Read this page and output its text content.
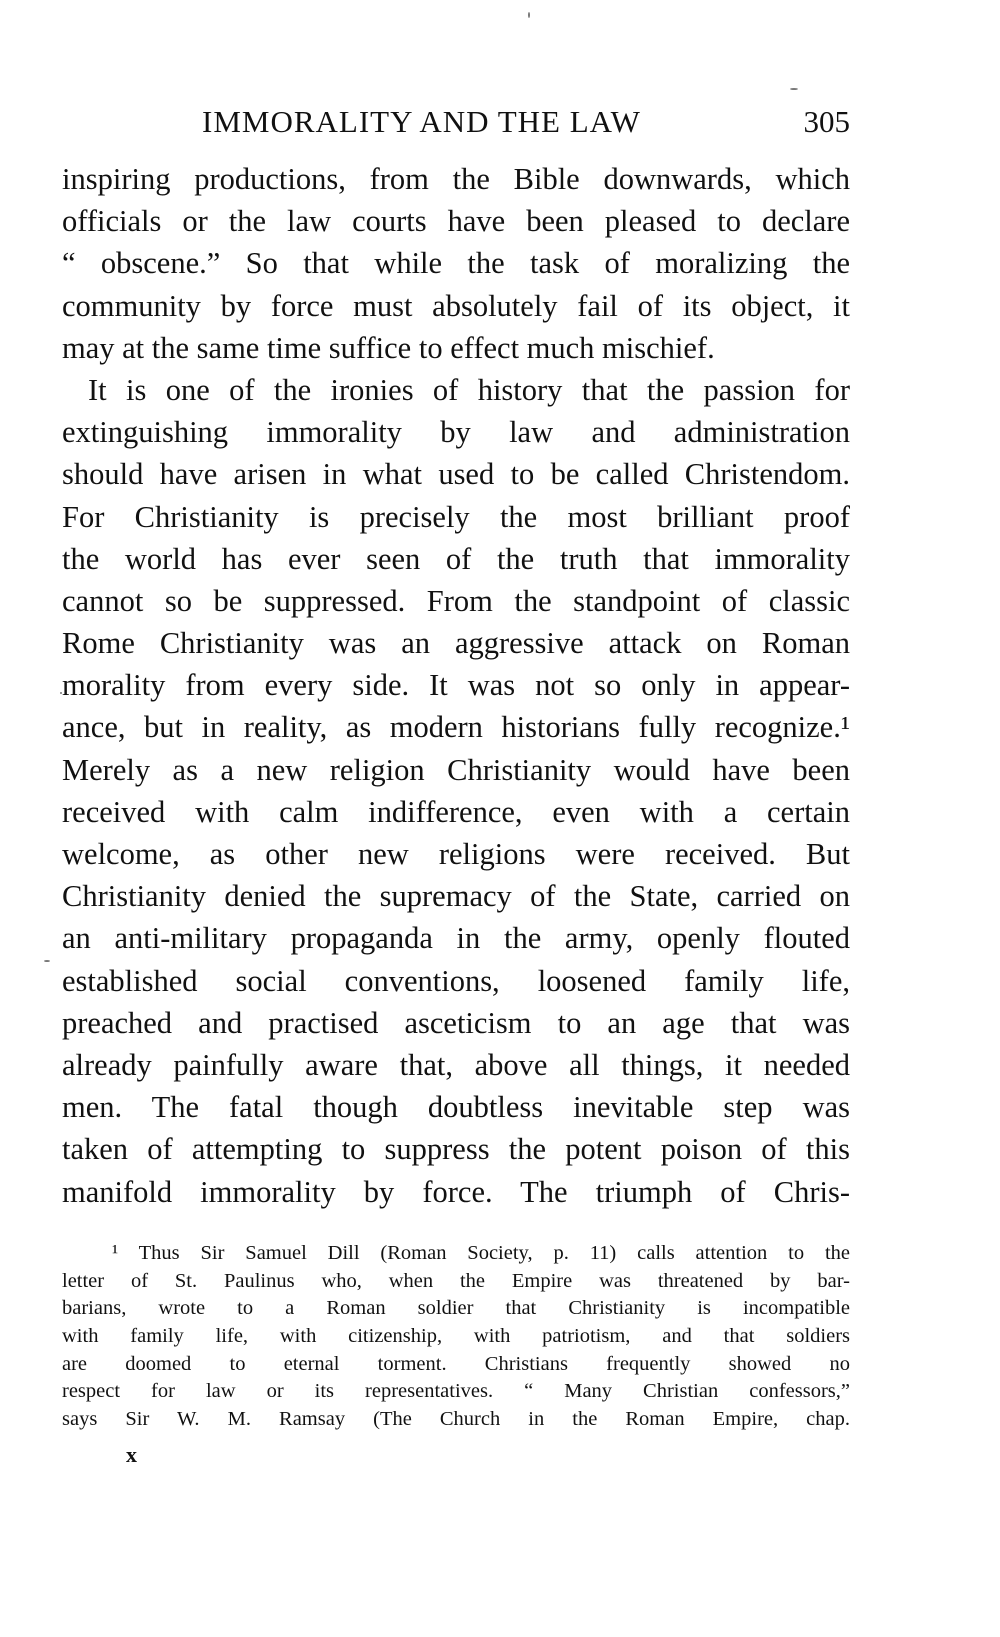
IMMORALITY AND THE LAW	305
inspiring productions, from the Bible downwards, which
officials or the law courts have been pleased to declare
“ obscene.” So that while the task of moralizing the
community by force must absolutely fail of its object, it
may at the same time suffice to effect much mischief.
It is one of the ironies of history that the passion for
extinguishing immorality by law and administration
should have arisen in what used to be called Christendom.
For Christianity is precisely the most brilliant proof
the world has ever seen of the truth that immorality
cannot so be suppressed. From the standpoint of classic
Rome Christianity was an aggressive attack on Roman
morality from every side. It was not so only in appear-
ance, but in reality, as modern historians fully recognize.¹
Merely as a new religion Christianity would have been
received with calm indifference, even with a certain
welcome, as other new religions were received. But
Christianity denied the supremacy of the State, carried on
an anti-military propaganda in the army, openly flouted
established social conventions, loosened family life,
preached and practised asceticism to an age that was
already painfully aware that, above all things, it needed
men. The fatal though doubtless inevitable step was
taken of attempting to suppress the potent poison of this
manifold immorality by force. The triumph of Chris-
¹ Thus Sir Samuel Dill (Roman Society, p. 11) calls attention to the
letter of St. Paulinus who, when the Empire was threatened by bar-
barians, wrote to a Roman soldier that Christianity is incompatible
with family life, with citizenship, with patriotism, and that soldiers
are doomed to eternal torment. Christians frequently showed no
respect for law or its representatives. “ Many Christian confessors,”
says Sir W. M. Ramsay (The Church in the Roman Empire, chap.
x
